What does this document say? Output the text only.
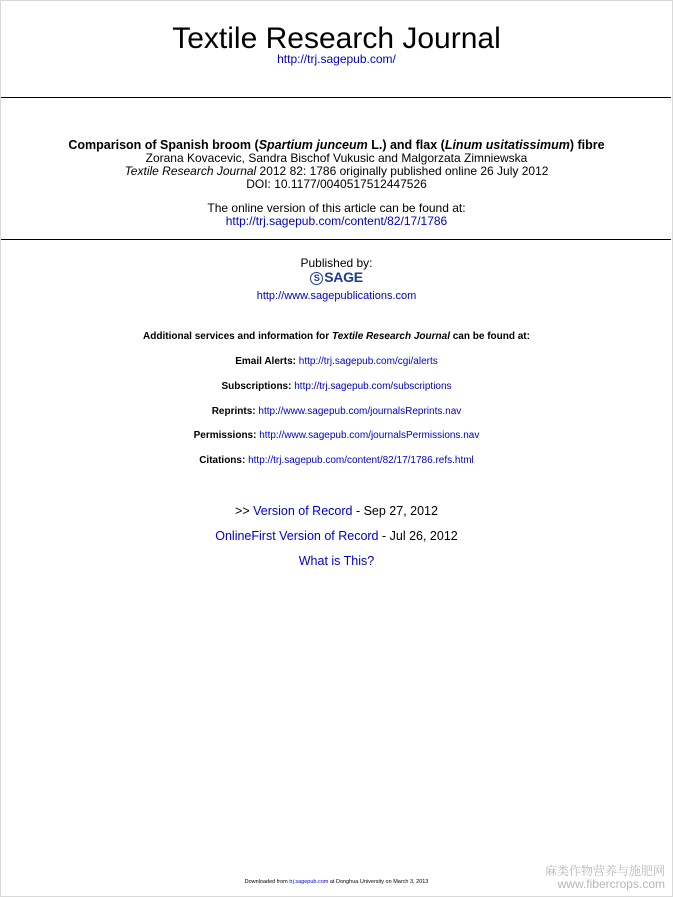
Textile Research Journal
http://trj.sagepub.com/
Comparison of Spanish broom (Spartium junceum L.) and flax (Linum usitatissimum) fibre
Zorana Kovacevic, Sandra Bischof Vukusic and Malgorzata Zimniewska
Textile Research Journal 2012 82: 1786 originally published online 26 July 2012
DOI: 10.1177/0040517512447526
The online version of this article can be found at:
http://trj.sagepub.com/content/82/17/1786
Published by:
S SAGE
http://www.sagepublications.com
Additional services and information for Textile Research Journal can be found at:
Email Alerts: http://trj.sagepub.com/cgi/alerts
Subscriptions: http://trj.sagepub.com/subscriptions
Reprints: http://www.sagepub.com/journalsReprints.nav
Permissions: http://www.sagepub.com/journalsPermissions.nav
Citations: http://trj.sagepub.com/content/82/17/1786.refs.html
>> Version of Record - Sep 27, 2012
OnlineFirst Version of Record - Jul 26, 2012
What is This?
Downloaded from trj.sagepub.com at Donghua University on March 3, 2013
麻类作物营养与施肥网
www.fibercrops.com
